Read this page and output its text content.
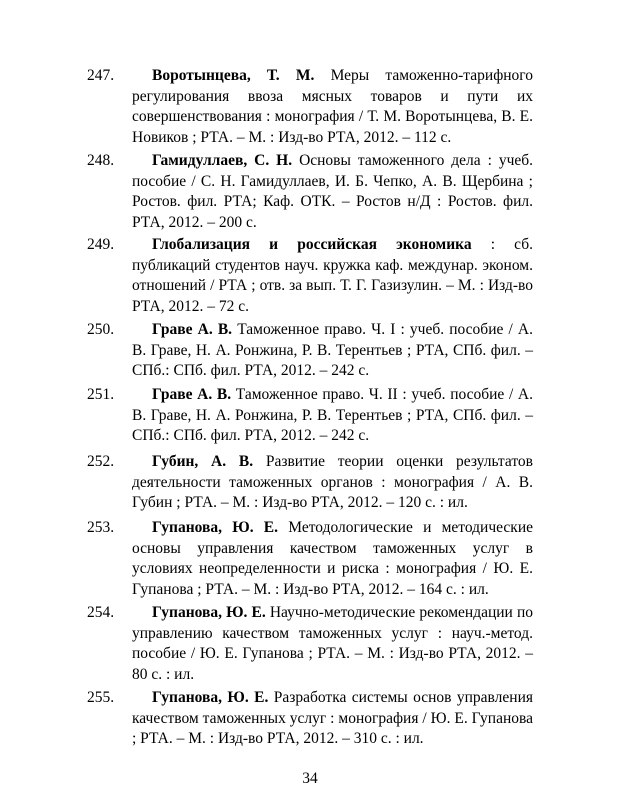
247.	Воротынцева, Т. М. Меры таможенно-тарифного регулирования ввоза мясных товаров и пути их совершенствования : монография / Т. М. Воротынцева, В. Е. Новиков ; РТА. – М. : Изд-во РТА, 2012. – 112 с.
248.	Гамидуллаев, С. Н. Основы таможенного дела : учеб. пособие / С. Н. Гамидуллаев, И. Б. Чепко, А. В. Щербина ; Ростов. фил. РТА; Каф. ОТК. – Ростов н/Д : Ростов. фил. РТА, 2012. – 200 с.
249.	Глобализация и российская экономика : сб. публикаций студентов науч. кружка каф. междунар. эконом. отношений / РТА ; отв. за вып. Т. Г. Газизулин. – М. : Изд-во РТА, 2012. – 72 с.
250.	Граве А. В. Таможенное право. Ч. I : учеб. пособие / А. В. Граве, Н. А. Ронжина, Р. В. Терентьев ; РТА, СПб. фил. – СПб.: СПб. фил. РТА, 2012. – 242 с.
251.	Граве А. В. Таможенное право. Ч. II : учеб. пособие / А. В. Граве, Н. А. Ронжина, Р. В. Терентьев ; РТА, СПб. фил. – СПб.: СПб. фил. РТА, 2012. – 242 с.
252.	Губин, А. В. Развитие теории оценки результатов деятельности таможенных органов : монография / А. В. Губин ; РТА. – М. : Изд-во РТА, 2012. – 120 с. : ил.
253.	Гупанова, Ю. Е. Методологические и методические основы управления качеством таможенных услуг в условиях неопределенности и риска : монография / Ю. Е. Гупанова ; РТА. – М. : Изд-во РТА, 2012. – 164 с. : ил.
254.	Гупанова, Ю. Е. Научно-методические рекомендации по управлению качеством таможенных услуг : науч.-метод. пособие / Ю. Е. Гупанова ; РТА. – М. : Изд-во РТА, 2012. – 80 с. : ил.
255.	Гупанова, Ю. Е. Разработка системы основ управления качеством таможенных услуг : монография / Ю. Е. Гупанова ; РТА. – М. : Изд-во РТА, 2012. – 310 с. : ил.
34
